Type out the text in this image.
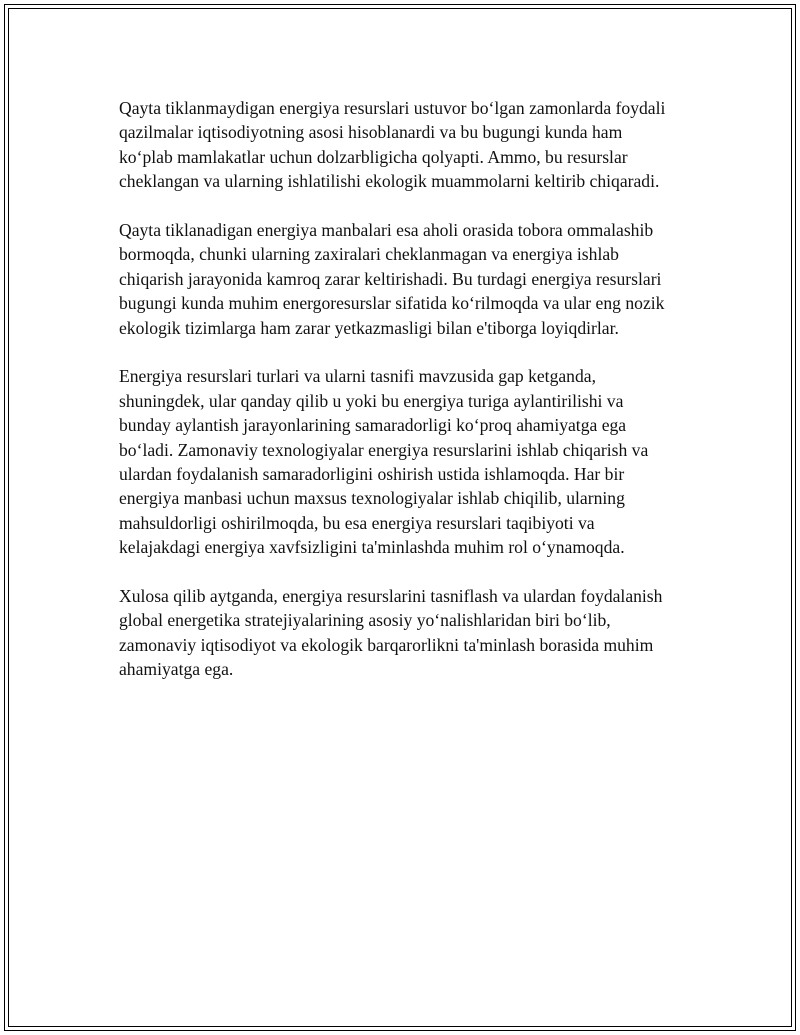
Qayta tiklanmaydigan energiya resurslari ustuvor bo‘lgan zamonlarda foydali qazilmalar iqtisodiyotning asosi hisoblanardi va bu bugungi kunda ham ko‘plab mamlakatlar uchun dolzarbligicha qolyapti. Ammo, bu resurslar cheklangan va ularning ishlatilishi ekologik muammolarni keltirib chiqaradi.

Qayta tiklanadigan energiya manbalari esa aholi orasida tobora ommalashib bormoqda, chunki ularning zaxiralari cheklanmagan va energiya ishlab chiqarish jarayonida kamroq zarar keltirishadi. Bu turdagi energiya resurslari bugungi kunda muhim energoresurslar sifatida ko‘rilmoqda va ular eng nozik ekologik tizimlarga ham zarar yetkazmasligi bilan e'tiborga loyiqdirlar.

Energiya resurslari turlari va ularni tasnifi mavzusida gap ketganda, shuningdek, ular qanday qilib u yoki bu energiya turiga aylantirilishi va bunday aylantish jarayonlarining samaradorligi ko‘proq ahamiyatga ega bo‘ladi. Zamonaviy texnologiyalar energiya resurslarini ishlab chiqarish va ulardan foydalanish samaradorligini oshirish ustida ishlamoqda. Har bir energiya manbasi uchun maxsus texnologiyalar ishlab chiqilib, ularning mahsuldorligi oshirilmoqda, bu esa energiya resurslari taqibiyoti va kelajakdagi energiya xavfsizligini ta'minlashda muhim rol o‘ynamoqda.

Xulosa qilib aytganda, energiya resurslarini tasniflash va ulardan foydalanish global energetika stratejiyalarining asosiy yo‘nalishlaridan biri bo‘lib, zamonaviy iqtisodiyot va ekologik barqarorlikni ta'minlash borasida muhim ahamiyatga ega.
